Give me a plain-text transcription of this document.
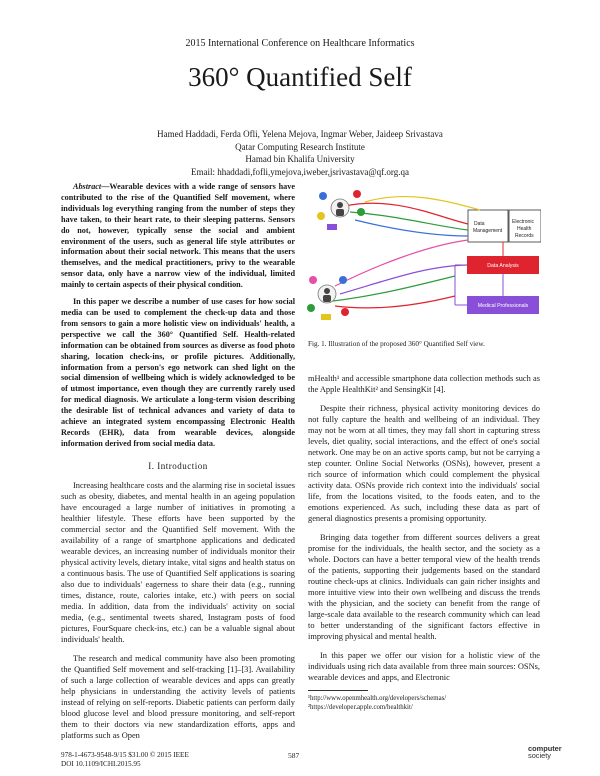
2015 International Conference on Healthcare Informatics
360° Quantified Self
Hamed Haddadi, Ferda Ofli, Yelena Mejova, Ingmar Weber, Jaideep Srivastava
Qatar Computing Research Institute
Hamad bin Khalifa University
Email: hhaddadi,fofli,ymejova,iweber,jsrivastava@qf.org.qa

Abstract—Wearable devices with a wide range of sensors have contributed to the rise of the Quantified Self movement, where individuals log everything ranging from the number of steps they have taken, to their heart rate, to their sleeping patterns. Sensors do not, however, typically sense the social and ambient environment of the users, such as general life style attributes or information about their social network. This means that the users themselves, and the medical practitioners, privy to the wearable sensor data, only have a narrow view of the individual, limited mainly to certain aspects of their physical condition.

In this paper we describe a number of use cases for how social media can be used to complement the check-up data and those from sensors to gain a more holistic view on individuals' health, a perspective we call the 360° Quantified Self. Health-related information can be obtained from sources as diverse as food photo sharing, location check-ins, or profile pictures. Additionally, information from a person's ego network can shed light on the social dimension of wellbeing which is widely acknowledged to be of utmost importance, even though they are currently rarely used for medical diagnosis. We articulate a long-term vision describing the desirable list of technical advances and variety of data to achieve an integrated system encompassing Electronic Health Records (EHR), data from wearable devices, alongside information derived from social media data.

I. Introduction

Increasing healthcare costs and the alarming rise in societal issues such as obesity, diabetes, and mental health in an ageing population have encouraged a large number of initiatives in promoting a healthier lifestyle. These efforts have been supported by the commercial sector and the Quantified Self movement. With the availability of a range of smartphone applications and dedicated wearable devices, an increasing number of individuals monitor their physical activity levels, dietary intake, vital signs and health status on a continuous basis. The use of Quantified Self applications is soaring also due to individuals' eagerness to share their data (e.g., running times, distance, route, calories intake, etc.) with peers on social media. In addition, data from the individuals' activity on social media, (e.g., sentimental tweets shared, Instagram posts of food pictures, FourSquare check-ins, etc.) can be a valuable signal about individuals' health.

The research and medical community have also been promoting the Quantified Self movement and self-tracking [1]–[3]. Availability of such a large collection of wearable devices and apps can greatly help physicians in understanding the activity levels of patients instead of relying on self-reports. Diabetic patients can perform daily blood glucose level and blood pressure monitoring, and self-report them to their doctors via new standardization efforts, apps and platforms such as Open

Data
Management
Electronic
Health
Records
Data Analysis
Medical Professionals
Fig. 1. Illustration of the proposed 360° Quantified Self view.

mHealth¹ and accessible smartphone data collection methods such as the Apple HealthKit² and SensingKit [4].

Despite their richness, physical activity monitoring devices do not fully capture the health and wellbeing of an individual. They may not be worn at all times, they may fall short in capturing stress levels, diet quality, social interactions, and the effect of one's social network. One may be on an active sports camp, but not be carrying a step counter. Online Social Networks (OSNs), however, present a rich source of information which could complement the physical activity data. OSNs provide rich context into the individuals' social life, from the locations visited, to the foods eaten, and to the emotions experienced. As such, including these data as part of general diagnostics presents a promising opportunity.

Bringing data together from different sources delivers a great promise for the individuals, the health sector, and the society as a whole. Doctors can have a better temporal view of the health trends of the patients, supporting their judgements based on the standard routine check-ups at clinics. Individuals can gain richer insights and more intuitive view into their own wellbeing and discuss the trends with the physician, and the society can benefit from the range of large-scale data available to the research community which can lead to better understanding of the significant factors effective in improving physical and mental health.

In this paper we offer our vision for a holistic view of the individuals using rich data available from three main sources: OSNs, wearable devices and apps, and Electronic

¹http://www.openmhealth.org/developers/schemas/
²https://developer.apple.com/healthkit/
978-1-4673-9548-9/15 $31.00 © 2015 IEEE
DOI 10.1109/ICHI.2015.95
587
computer
society
